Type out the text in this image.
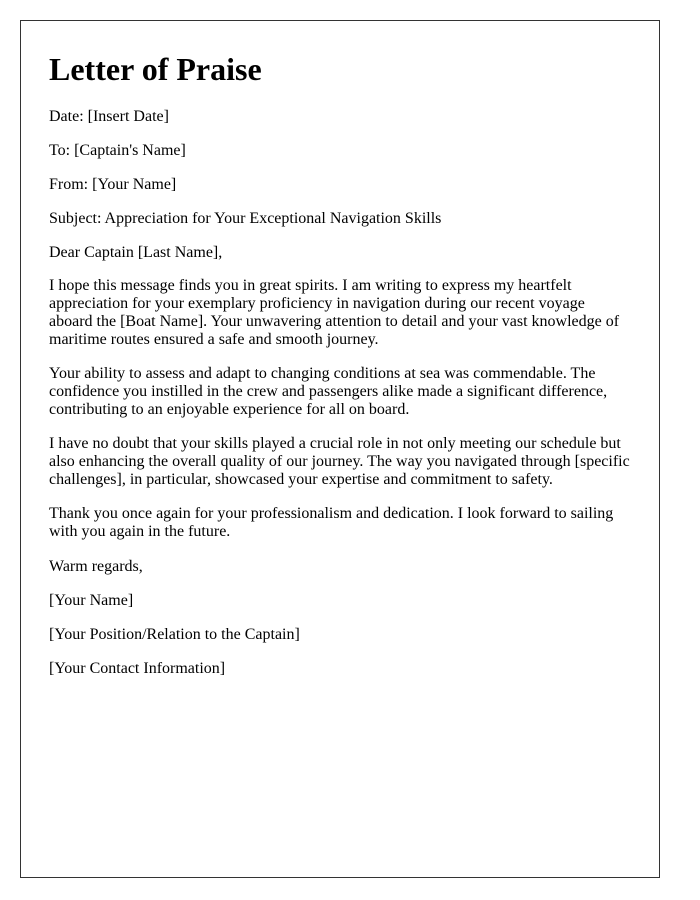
Letter of Praise

Date: [Insert Date]

To: [Captain's Name]

From: [Your Name]

Subject: Appreciation for Your Exceptional Navigation Skills

Dear Captain [Last Name],

I hope this message finds you in great spirits. I am writing to express my heartfelt appreciation for your exemplary proficiency in navigation during our recent voyage aboard the [Boat Name]. Your unwavering attention to detail and your vast knowledge of maritime routes ensured a safe and smooth journey.

Your ability to assess and adapt to changing conditions at sea was commendable. The confidence you instilled in the crew and passengers alike made a significant difference, contributing to an enjoyable experience for all on board.

I have no doubt that your skills played a crucial role in not only meeting our schedule but also enhancing the overall quality of our journey. The way you navigated through [specific challenges], in particular, showcased your expertise and commitment to safety.

Thank you once again for your professionalism and dedication. I look forward to sailing with you again in the future.

Warm regards,

[Your Name]

[Your Position/Relation to the Captain]

[Your Contact Information]
